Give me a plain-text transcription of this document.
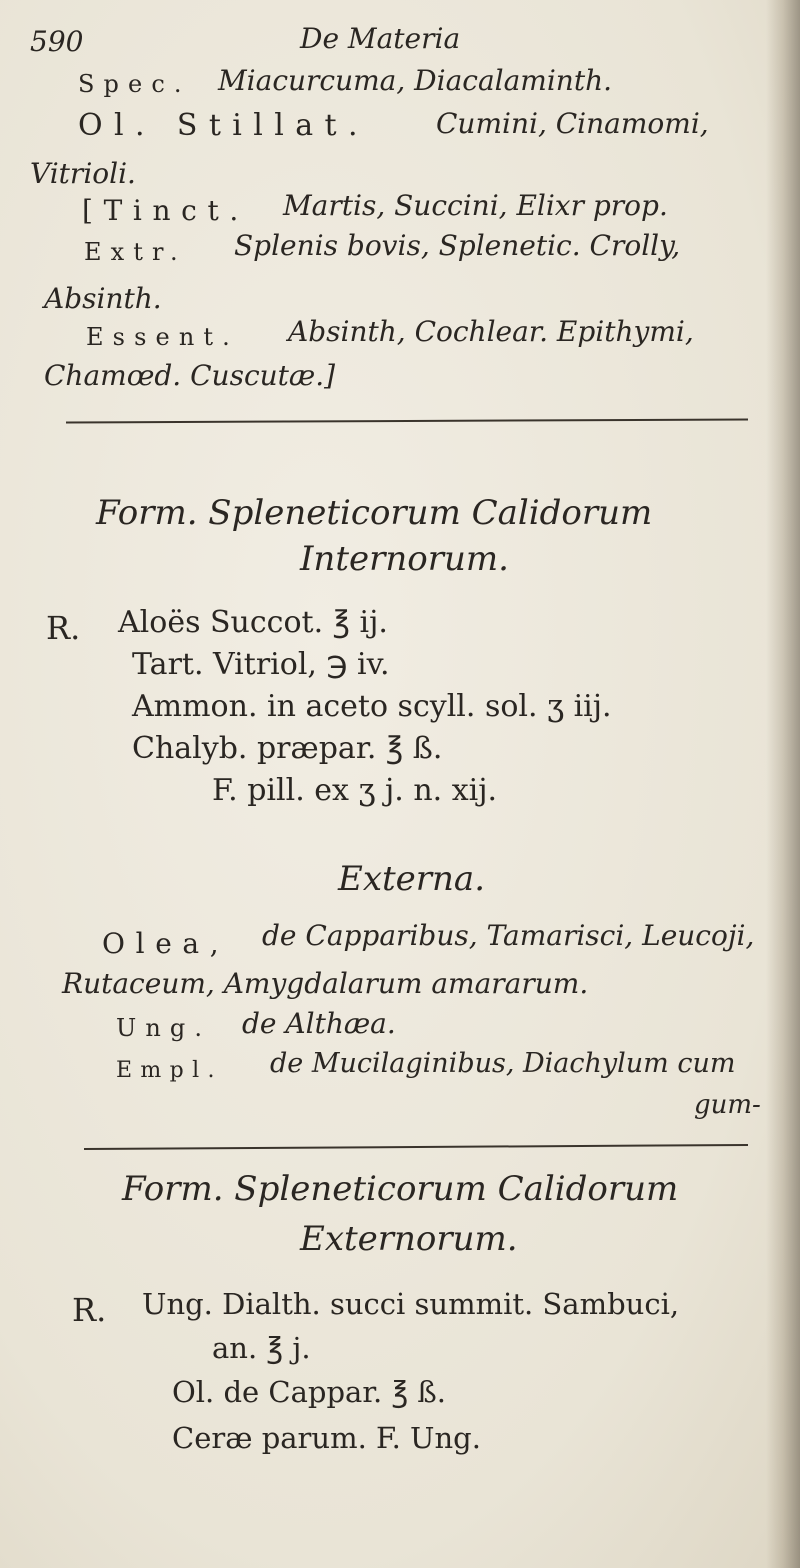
590	De Materia
Spec. Miacurcuma, Diacalaminth.
Ol. Stillat. Cumini, Cinamomi,
Vitrioli.
[Tinct. Martis, Succini, Elixr prop.
Extr. Splenis bovis, Splenetic. Crolly,
Absinth.
Essent. Absinth, Cochlear. Epithymi,
Chamœd. Cuscutæ.]
Form. Spleneticorum Calidorum
Internorum.
R. Aloës Succot. ℥ ij.
Tart. Vitriol, ℈ iv.
Ammon. in aceto scyll. sol. ʒ iij.
Chalyb. præpar. ℥ ß.
F. pill. ex ʒ j. n. xij.
Externa.
Olea, de Capparibus, Tamarisci, Leucoji,
Rutaceum, Amygdalarum amararum.
Ung. de Althæa.
Empl. de Mucilaginibus, Diachylum cum
gum-
Form. Spleneticorum Calidorum
Externorum.
R. Ung. Dialth. succi summit. Sambuci,
an. ℥ j.
Ol. de Cappar. ℥ ß.
Ceræ parum. F. Ung.
